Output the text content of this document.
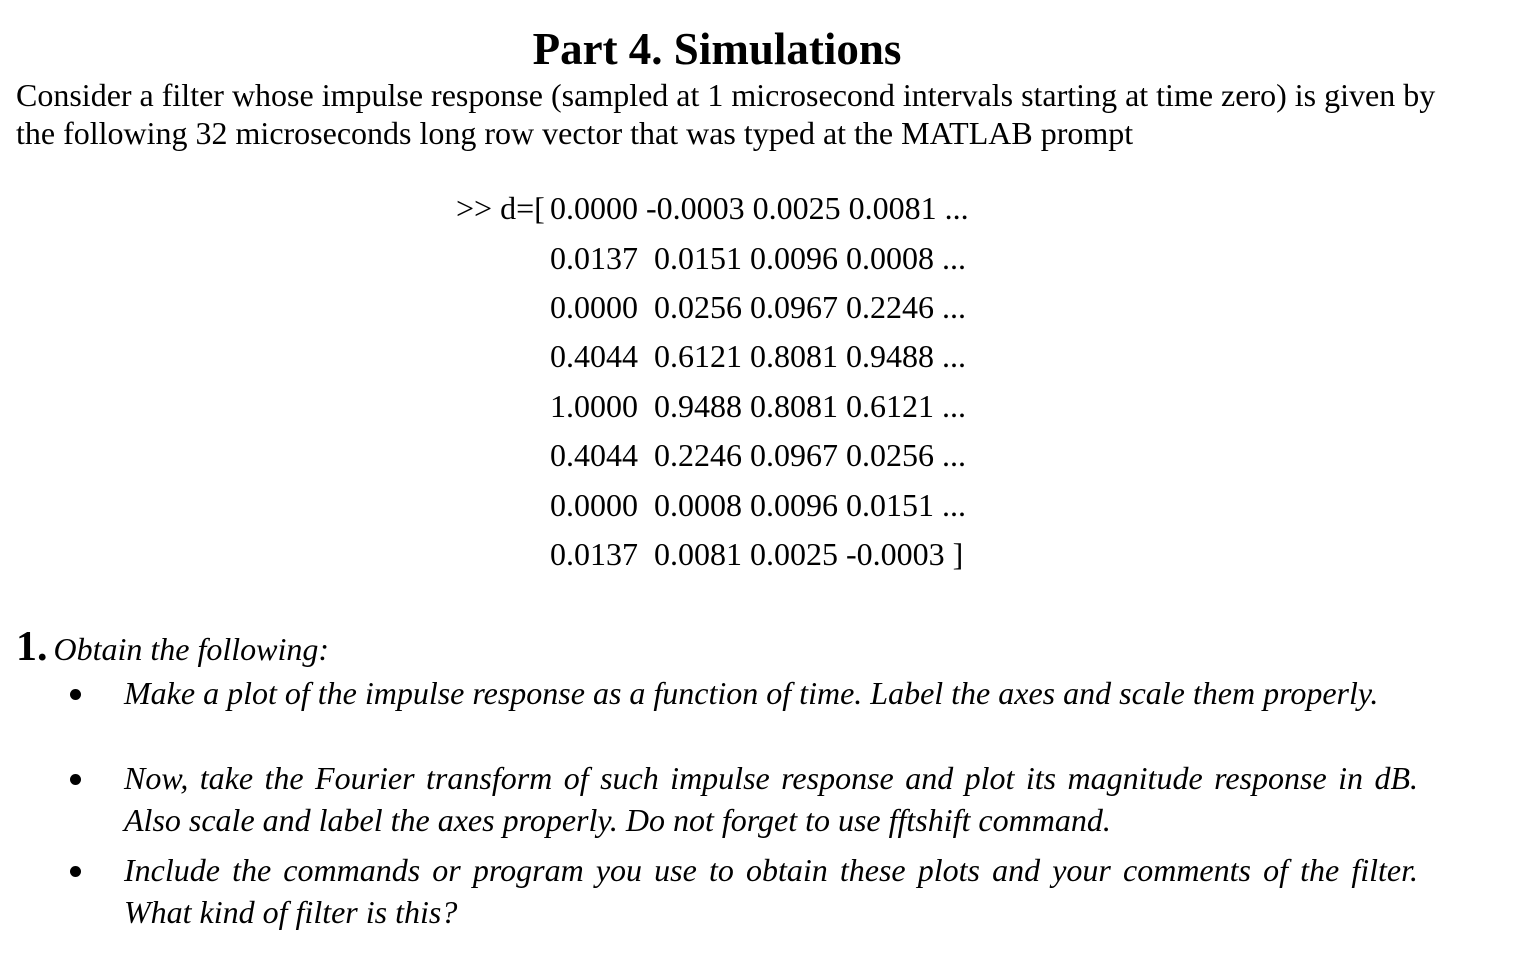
Part 4. Simulations

Consider a filter whose impulse response (sampled at 1 microsecond intervals starting at time zero) is given by the following 32 microseconds long row vector that was typed at the MATLAB prompt

>> d=[ 0.0000 -0.0003 0.0025 0.0081 ...
0.0137  0.0151 0.0096 0.0008 ...
0.0000  0.0256 0.0967 0.2246 ...
0.4044  0.6121 0.8081 0.9488 ...
1.0000  0.9488 0.8081 0.6121 ...
0.4044  0.2246 0.0967 0.0256 ...
0.0000  0.0008 0.0096 0.0151 ...
0.0137  0.0081 0.0025 -0.0003 ]

1. Obtain the following:

Make a plot of the impulse response as a function of time. Label the axes and scale them properly.

Now, take the Fourier transform of such impulse response and plot its magnitude response in dB. Also scale and label the axes properly. Do not forget to use fftshift command.

Include the commands or program you use to obtain these plots and your comments of the filter. What kind of filter is this?
